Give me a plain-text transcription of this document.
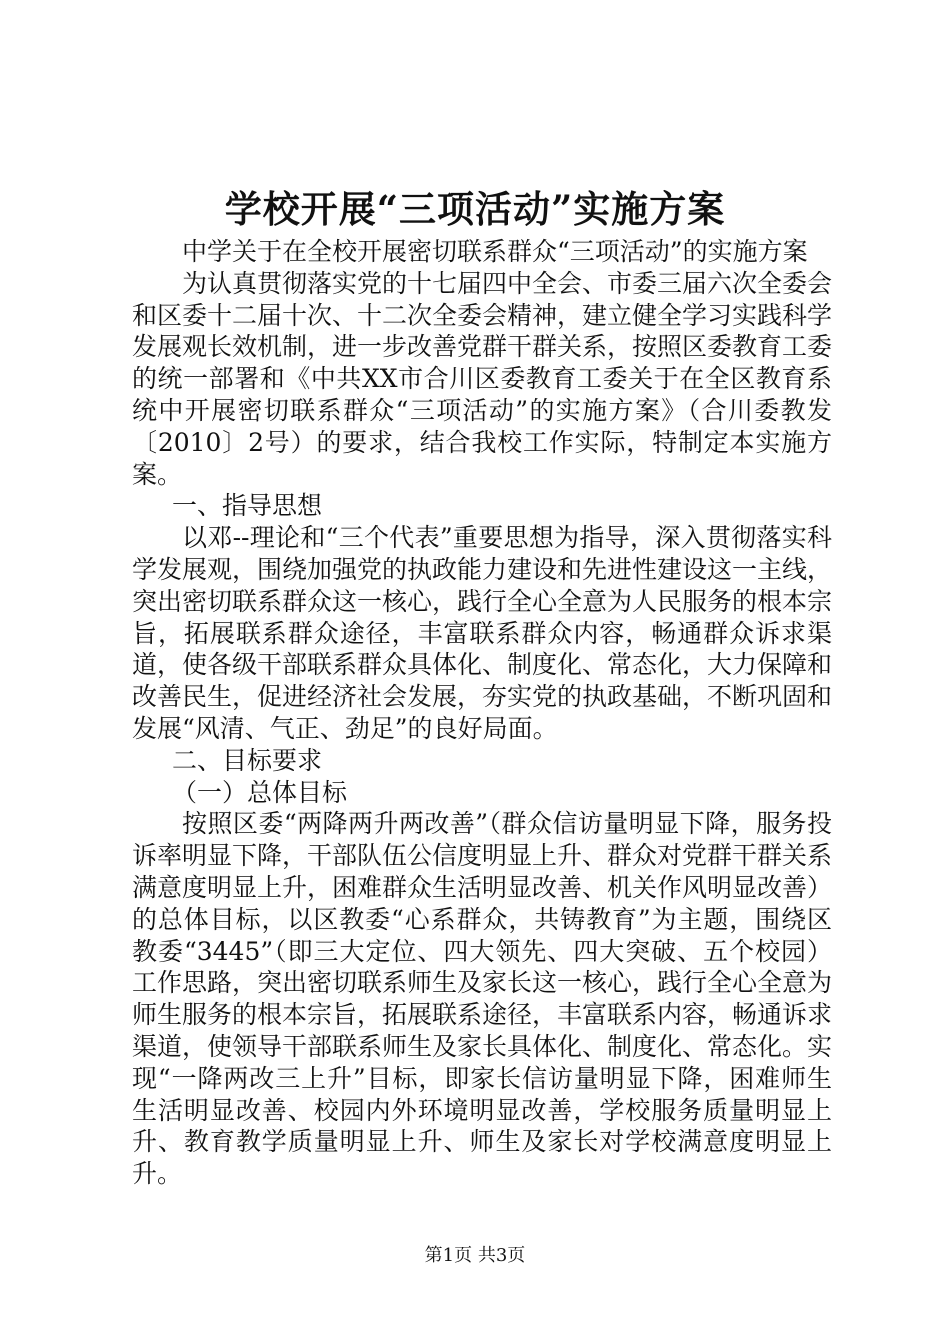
学校开展“三项活动”实施方案

中学关于在全校开展密切联系群众“三项活动”的实施方案

为认真贯彻落实党的十七届四中全会、市委三届六次全委会和区委十二届十次、十二次全委会精神，建立健全学习实践科学发展观长效机制，进一步改善党群干群关系，按照区委教育工委的统一部署和《中共XX市合川区委教育工委关于在全区教育系统中开展密切联系群众“三项活动”的实施方案》（合川委教发〔2010〕2号）的要求，结合我校工作实际，特制定本实施方案。

一、指导思想

以邓--理论和“三个代表”重要思想为指导，深入贯彻落实科学发展观，围绕加强党的执政能力建设和先进性建设这一主线，突出密切联系群众这一核心，践行全心全意为人民服务的根本宗旨，拓展联系群众途径，丰富联系群众内容，畅通群众诉求渠道，使各级干部联系群众具体化、制度化、常态化，大力保障和改善民生，促进经济社会发展，夯实党的执政基础，不断巩固和发展“风清、气正、劲足”的良好局面。

二、目标要求

（一）总体目标

按照区委“两降两升两改善”（群众信访量明显下降，服务投诉率明显下降，干部队伍公信度明显上升、群众对党群干群关系满意度明显上升，困难群众生活明显改善、机关作风明显改善）的总体目标，以区教委“心系群众，共铸教育”为主题，围绕区教委“3445”（即三大定位、四大领先、四大突破、五个校园）工作思路，突出密切联系师生及家长这一核心，践行全心全意为师生服务的根本宗旨，拓展联系途径，丰富联系内容，畅通诉求渠道，使领导干部联系师生及家长具体化、制度化、常态化。实现“一降两改三上升”目标，即家长信访量明显下降，困难师生生活明显改善、校园内外环境明显改善，学校服务质量明显上升、教育教学质量明显上升、师生及家长对学校满意度明显上升。

第1页 共3页
